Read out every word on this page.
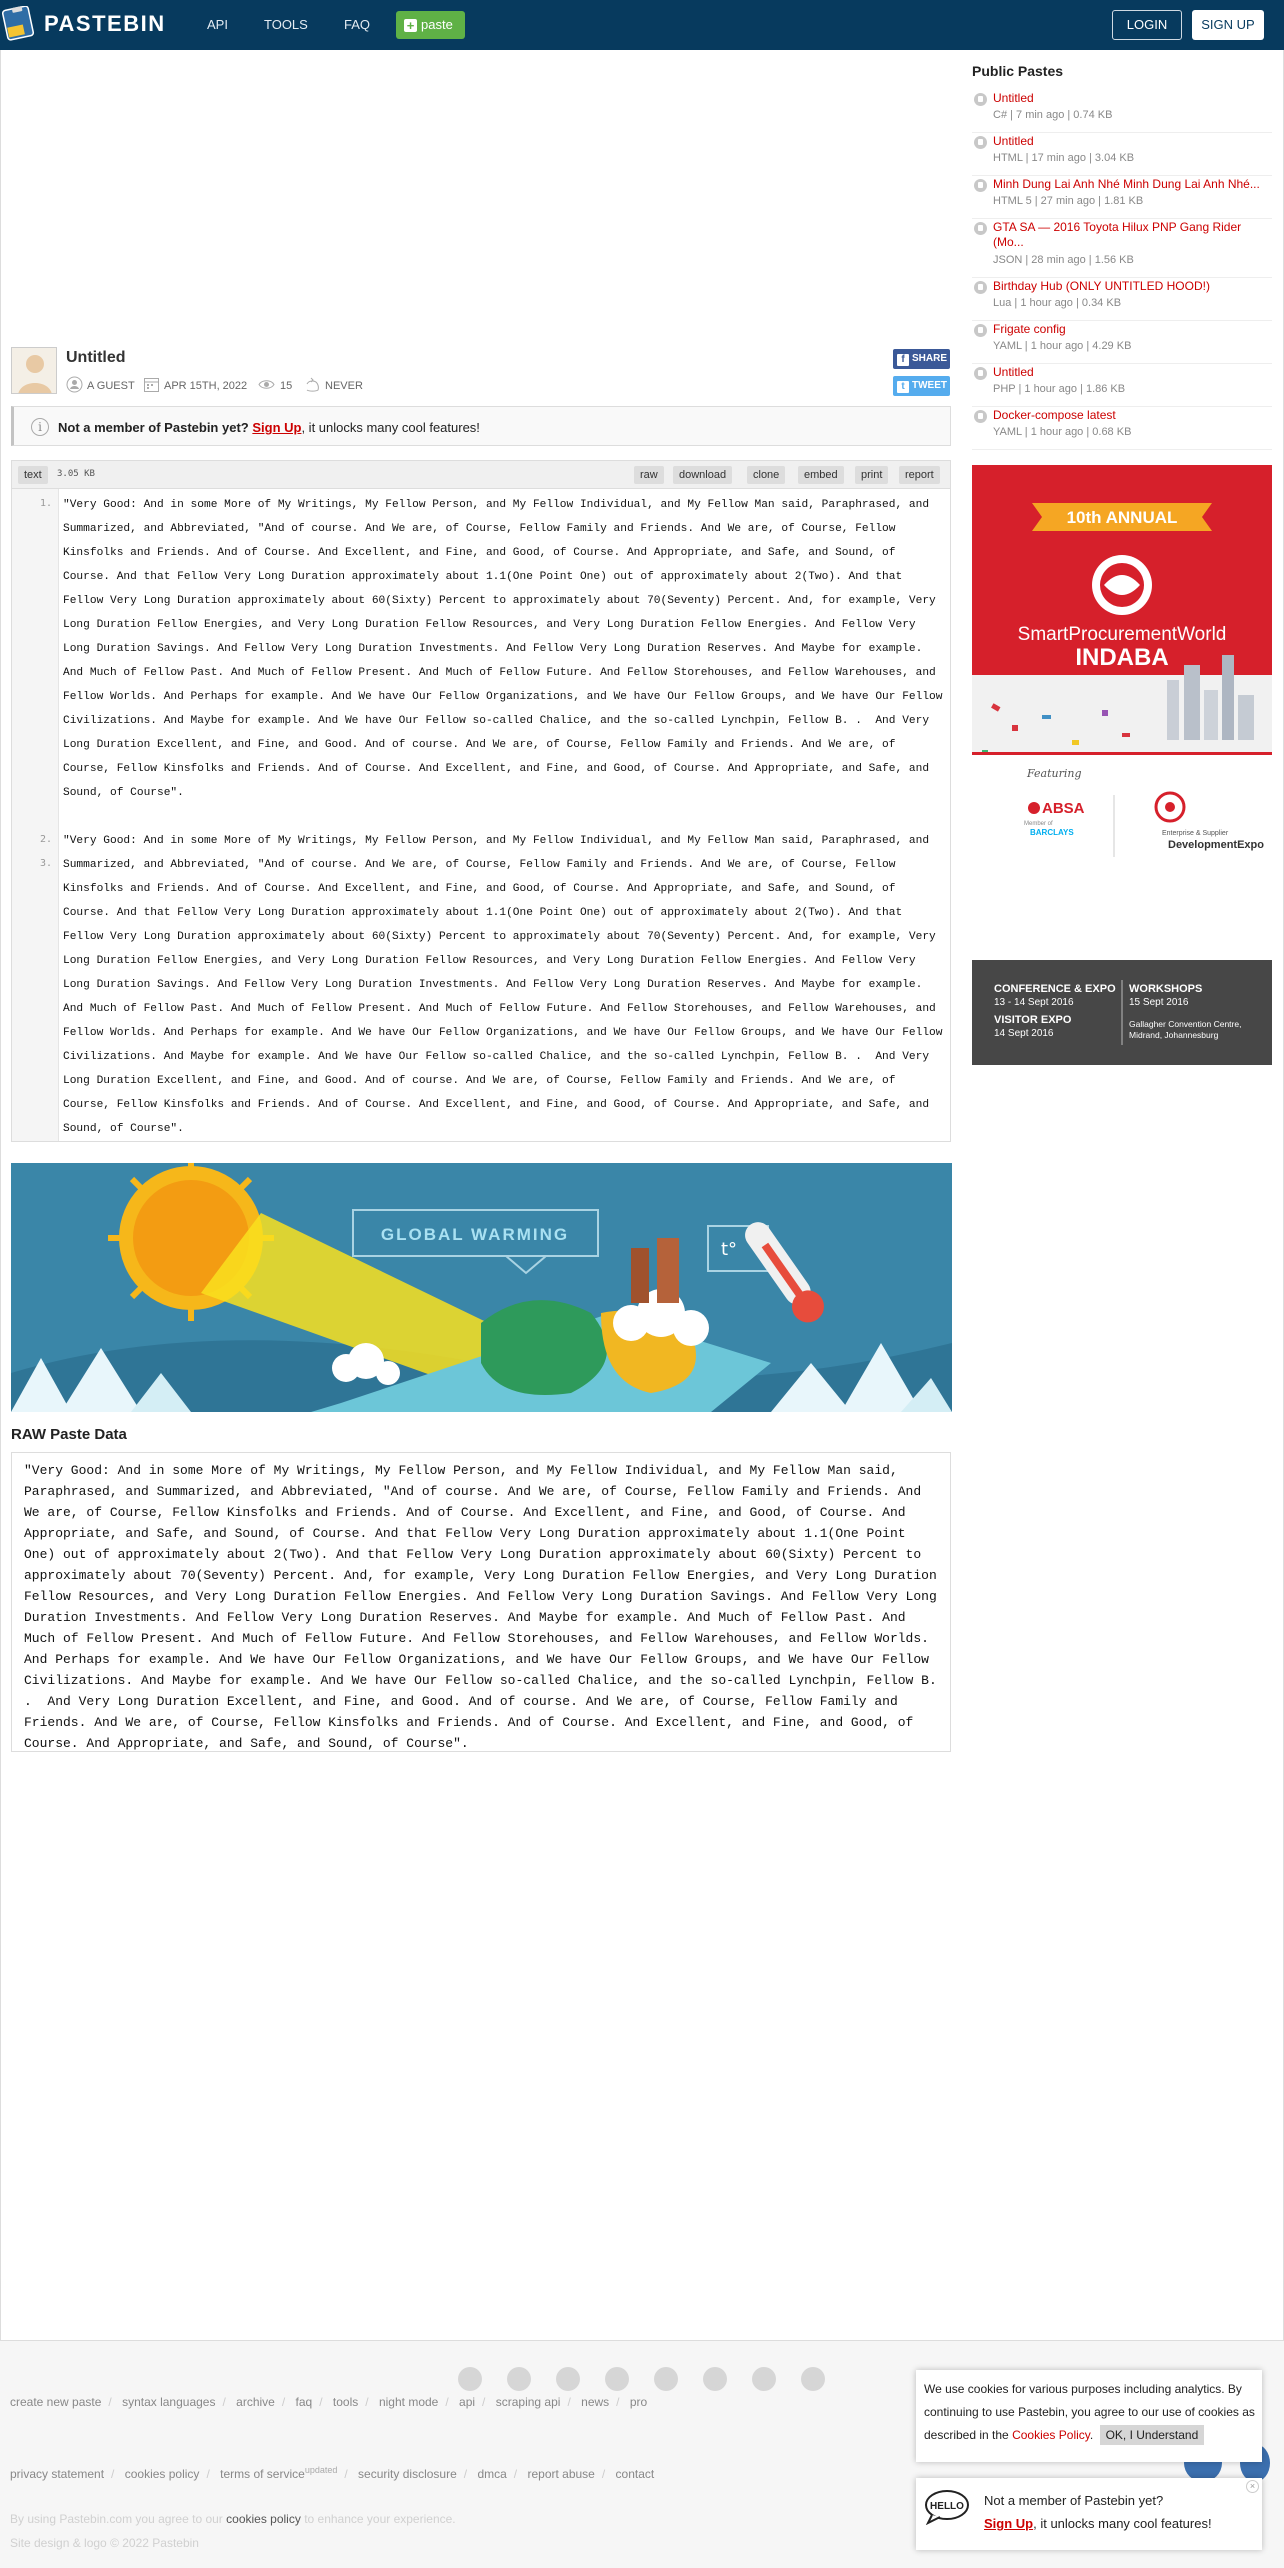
PASTEBIN	API	TOOLS	FAQ	+ paste	LOGIN	SIGN UP
Untitled
A GUEST	APR 15TH, 2022	15	NEVER
f SHARE
t TWEET
i	Not a member of Pastebin yet? Sign Up, it unlocks many cool features!
text	3.05 KB	raw	download	clone	embed	print	report
1.
2.
3.
"Very Good: And in some More of My Writings, My Fellow Person, and My Fellow Individual, and My Fellow Man said, Paraphrased, and Summarized, and Abbreviated, "And of course. And We are, of Course, Fellow Family and Friends. And We are, of Course, Fellow Kinsfolks and Friends. And of Course. And Excellent, and Fine, and Good, of Course. And Appropriate, and Safe, and Sound, of Course. And that Fellow Very Long Duration approximately about 1.1(One Point One) out of approximately about 2(Two). And that Fellow Very Long Duration approximately about 60(Sixty) Percent to approximately about 70(Seventy) Percent. And, for example, Very Long Duration Fellow Energies, and Very Long Duration Fellow Resources, and Very Long Duration Fellow Energies. And Fellow Very Long Duration Savings. And Fellow Very Long Duration Investments. And Fellow Very Long Duration Reserves. And Maybe for example. And Much of Fellow Past. And Much of Fellow Present. And Much of Fellow Future. And Fellow Storehouses, and Fellow Warehouses, and Fellow Worlds. And Perhaps for example. And We have Our Fellow Organizations, and We have Our Fellow Groups, and We have Our Fellow Civilizations. And Maybe for example. And We have Our Fellow so-called Chalice, and the so-called Lynchpin, Fellow B. .  And Very Long Duration Excellent, and Fine, and Good. And of course. And We are, of Course, Fellow Family and Friends. And We are, of Course, Fellow Kinsfolks and Friends. And of Course. And Excellent, and Fine, and Good, of Course. And Appropriate, and Safe, and Sound, of Course".
"Very Good: And in some More of My Writings, My Fellow Person, and My Fellow Individual, and My Fellow Man said, Paraphrased, and Summarized, and Abbreviated, "And of course. And We are, of Course, Fellow Family and Friends. And We are, of Course, Fellow Kinsfolks and Friends. And of Course. And Excellent, and Fine, and Good, of Course. And Appropriate, and Safe, and Sound, of Course. And that Fellow Very Long Duration approximately about 1.1(One Point One) out of approximately about 2(Two). And that Fellow Very Long Duration approximately about 60(Sixty) Percent to approximately about 70(Seventy) Percent. And, for example, Very Long Duration Fellow Energies, and Very Long Duration Fellow Resources, and Very Long Duration Fellow Energies. And Fellow Very Long Duration Savings. And Fellow Very Long Duration Investments. And Fellow Very Long Duration Reserves. And Maybe for example. And Much of Fellow Past. And Much of Fellow Present. And Much of Fellow Future. And Fellow Storehouses, and Fellow Warehouses, and Fellow Worlds. And Perhaps for example. And We have Our Fellow Organizations, and We have Our Fellow Groups, and We have Our Fellow Civilizations. And Maybe for example. And We have Our Fellow so-called Chalice, and the so-called Lynchpin, Fellow B. .  And Very Long Duration Excellent, and Fine, and Good. And of course. And We are, of Course, Fellow Family and Friends. And We are, of Course, Fellow Kinsfolks and Friends. And of Course. And Excellent, and Fine, and Good, of Course. And Appropriate, and Safe, and Sound, of Course".
GLOBAL WARMING
t°
RAW Paste Data
"Very Good: And in some More of My Writings, My Fellow Person, and My Fellow Individual, and My Fellow Man said, Paraphrased, and Summarized, and Abbreviated, "And of course. And We are, of Course, Fellow Family and Friends. And We are, of Course, Fellow Kinsfolks and Friends. And of Course. And Excellent, and Fine, and Good, of Course. And Appropriate, and Safe, and Sound, of Course. And that Fellow Very Long Duration approximately about 1.1(One Point One) out of approximately about 2(Two). And that Fellow Very Long Duration approximately about 60(Sixty) Percent to approximately about 70(Seventy) Percent. And, for example, Very Long Duration Fellow Energies, and Very Long Duration Fellow Resources, and Very Long Duration Fellow Energies. And Fellow Very Long Duration Savings. And Fellow Very Long Duration Investments. And Fellow Very Long Duration Reserves. And Maybe for example. And Much of Fellow Past. And Much of Fellow Present. And Much of Fellow Future. And Fellow Storehouses, and Fellow Warehouses, and Fellow Worlds. And Perhaps for example. And We have Our Fellow Organizations, and We have Our Fellow Groups, and We have Our Fellow Civilizations. And Maybe for example. And We have Our Fellow so-called Chalice, and the so-called Lynchpin, Fellow B. .  And Very Long Duration Excellent, and Fine, and Good. And of course. And We are, of Course, Fellow Family and Friends. And We are, of Course, Fellow Kinsfolks and Friends. And of Course. And Excellent, and Fine, and Good, of Course. And Appropriate, and Safe, and Sound, of Course".
Public Pastes
Untitled
C# | 7 min ago | 0.74 KB
Untitled
HTML | 17 min ago | 3.04 KB
Minh Dung Lai Anh Nhé Minh Dung Lai Anh Nhé...
HTML 5 | 27 min ago | 1.81 KB
GTA SA — 2016 Toyota Hilux PNP Gang Rider (Mo...
JSON | 28 min ago | 1.56 KB
Birthday Hub (ONLY UNTITLED HOOD!)
Lua | 1 hour ago | 0.34 KB
Frigate config
YAML | 1 hour ago | 4.29 KB
Untitled
PHP | 1 hour ago | 1.86 KB
Docker-compose latest
YAML | 1 hour ago | 0.68 KB
10th ANNUAL
SmartProcurementWorld
INDABA
Featuring
ABSA
Member of
BARCLAYS	Enterprise & Supplier
DevelopmentExpo
CONFERENCE & EXPO
13 - 14 Sept 2016
VISITOR EXPO
14 Sept 2016
WORKSHOPS
15 Sept 2016
Gallagher Convention Centre,
Midrand, Johannesburg
create new paste / syntax languages / archive / faq / tools / night mode / api / scraping api / news / pro
privacy statement / cookies policy / terms of service$^{updated}$ / security disclosure / dmca / report abuse / contact
By using Pastebin.com you agree to our cookies policy to enhance your experience.
Site design & logo © 2022 Pastebin
We use cookies for various purposes including analytics. By continuing to use Pastebin, you agree to our use of cookies as described in the Cookies Policy. OK, I Understand
HELLO Not a member of Pastebin yet?
Sign Up, it unlocks many cool features!
×
